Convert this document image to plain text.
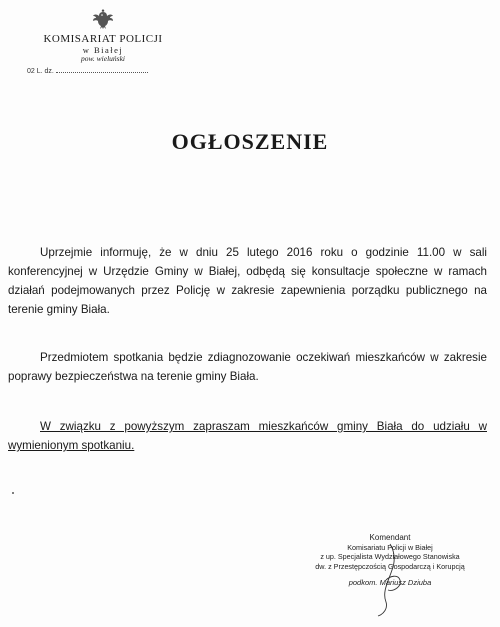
KOMISARIAT POLICJI
w Białej
pow. wieluński
02 L. dz.
OGŁOSZENIE
Uprzejmie informuję, że w dniu 25 lutego 2016 roku o godzinie 11.00 w sali konferencyjnej w Urzędzie Gminy w Białej, odbędą się konsultacje społeczne w ramach działań podejmowanych przez Policję w zakresie zapewnienia porządku publicznego na terenie gminy Biała.
Przedmiotem spotkania będzie zdiagnozowanie oczekiwań mieszkańców w zakresie poprawy bezpieczeństwa na terenie gminy Biała.
W związku z powyższym zapraszam mieszkańców gminy Biała do udziału w wymienionym spotkaniu.
Komendant
Komisariatu Policji w Białej
z up. Specjalista Wydziałowego Stanowiska
dw. z Przestępczością Gospodarczą i Korupcją
podkom. Mariusz Dziuba
